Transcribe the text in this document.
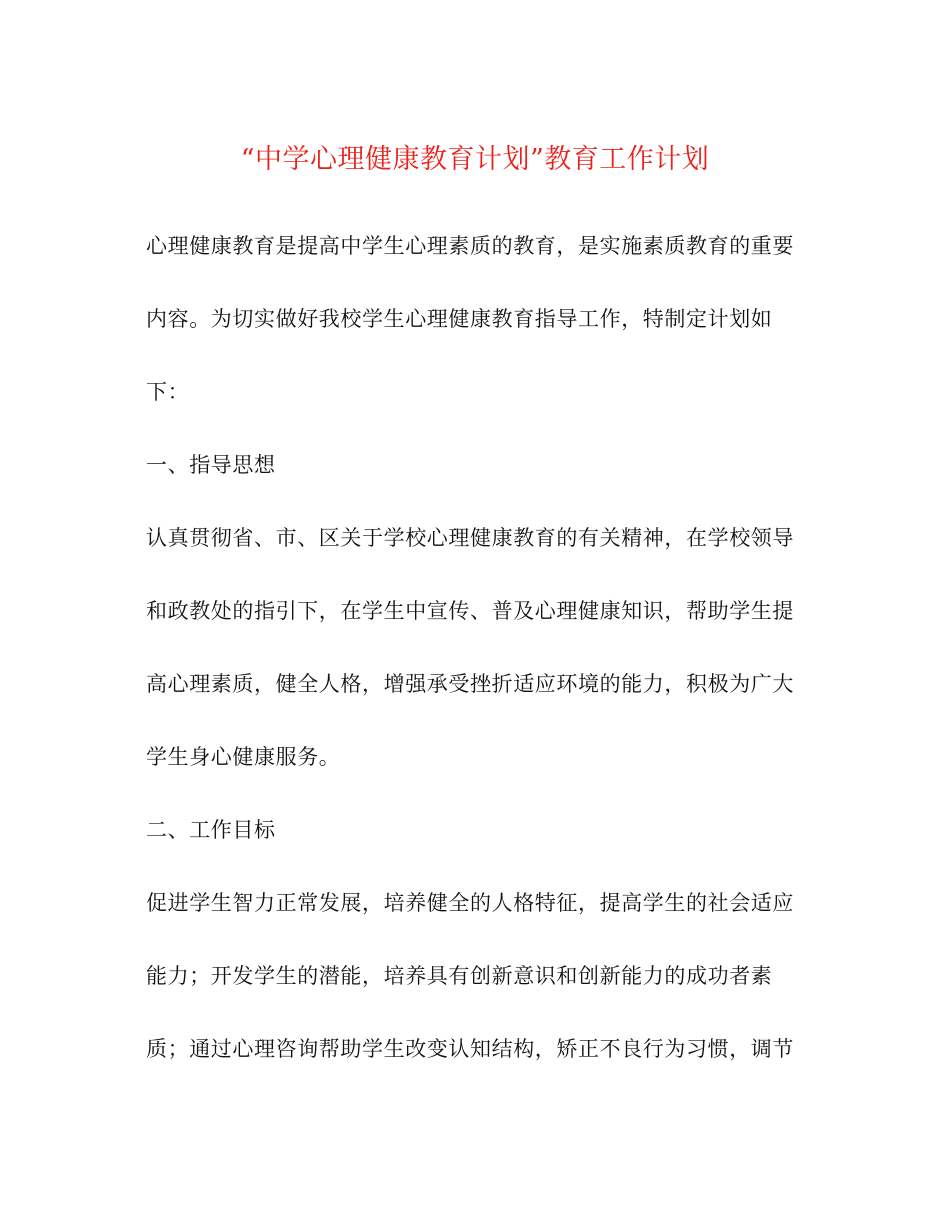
“中学心理健康教育计划”教育工作计划
心理健康教育是提高中学生心理素质的教育，是实施素质教育的重要
内容。为切实做好我校学生心理健康教育指导工作，特制定计划如
下：
一、指导思想
认真贯彻省、市、区关于学校心理健康教育的有关精神，在学校领导
和政教处的指引下，在学生中宣传、普及心理健康知识，帮助学生提
高心理素质，健全人格，增强承受挫折适应环境的能力，积极为广大
学生身心健康服务。
二、工作目标
促进学生智力正常发展，培养健全的人格特征，提高学生的社会适应
能力；开发学生的潜能，培养具有创新意识和创新能力的成功者素
质；通过心理咨询帮助学生改变认知结构，矫正不良行为习惯，调节
